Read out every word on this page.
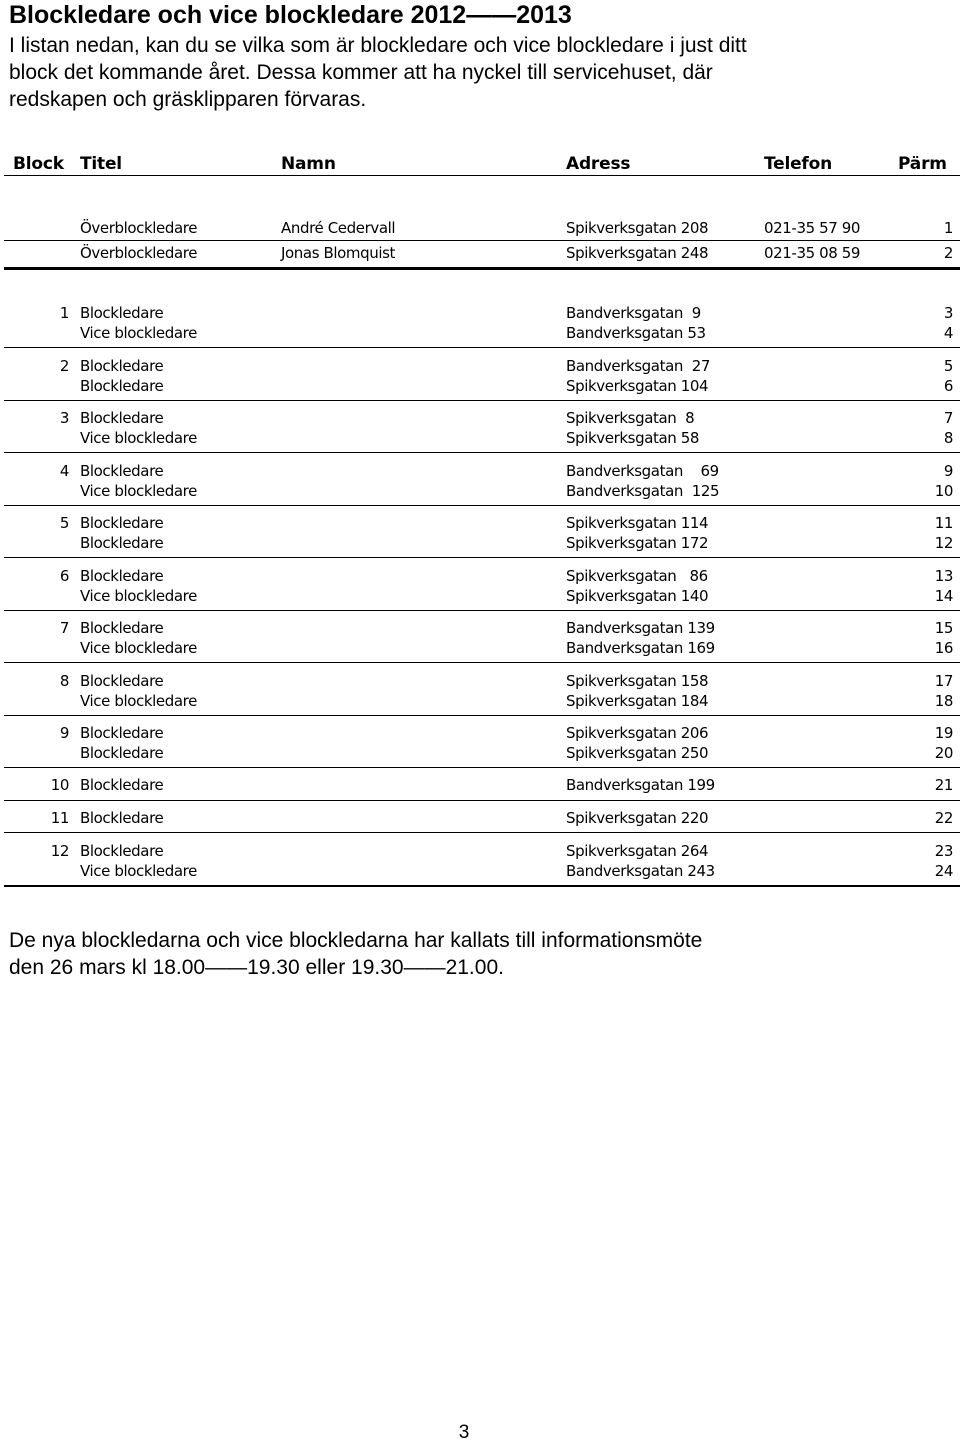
Blockledare och vice blockledare 2012——2013
I listan nedan, kan du se vilka som är blockledare och vice blockledare i just ditt
block det kommande året. Dessa kommer att ha nyckel till servicehuset, där
redskapen och gräsklipparen förvaras.
Block Titel	Namn	Adress	Telefon	Pärm
Överblockledare	André Cedervall	Spikverksgatan 208	021-35 57 90	1
Överblockledare	Jonas Blomquist	Spikverksgatan 248	021-35 08 59	2
1 Blockledare	Bandverksgatan  9	3
Vice blockledare	Bandverksgatan 53	4
2 Blockledare	Bandverksgatan  27	5
Blockledare	Spikverksgatan 104	6
3 Blockledare	Spikverksgatan  8	7
Vice blockledare	Spikverksgatan 58	8
4 Blockledare	Bandverksgatan    69	9
Vice blockledare	Bandverksgatan  125	10
5 Blockledare	Spikverksgatan 114	11
Blockledare	Spikverksgatan 172	12
6 Blockledare	Spikverksgatan   86	13
Vice blockledare	Spikverksgatan 140	14
7 Blockledare	Bandverksgatan 139	15
Vice blockledare	Bandverksgatan 169	16
8 Blockledare	Spikverksgatan 158	17
Vice blockledare	Spikverksgatan 184	18
9 Blockledare	Spikverksgatan 206	19
Blockledare	Spikverksgatan 250	20
10 Blockledare	Bandverksgatan 199	21
11 Blockledare	Spikverksgatan 220	22
12 Blockledare	Spikverksgatan 264	23
Vice blockledare	Bandverksgatan 243	24
De nya blockledarna och vice blockledarna har kallats till informationsmöte
den 26 mars kl 18.00——19.30 eller 19.30——21.00.
3
